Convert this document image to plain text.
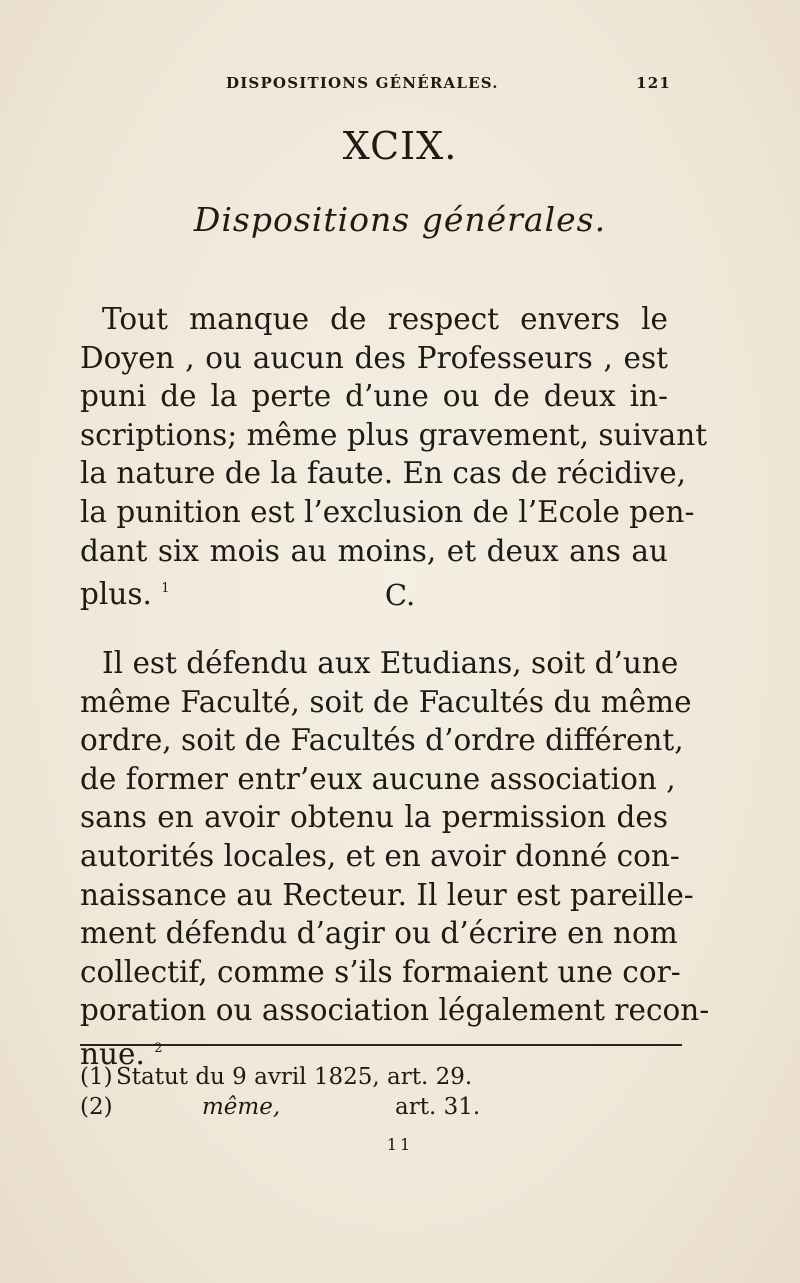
DISPOSITIONS GÉNÉRALES.	121
XCIX.
Dispositions générales.
Tout manque de respect envers le
Doyen , ou aucun des Professeurs , est
puni de la perte d’une ou de deux in-
scriptions; même plus gravement, suivant
la nature de la faute. En cas de récidive,
la punition est l’exclusion de l’Ecole pen-
dant six mois au moins, et deux ans au
plus. $^1$	C.
Il est défendu aux Etudians, soit d’une
même Faculté, soit de Facultés du même
ordre, soit de Facultés d’ordre différent,
de former entr’eux aucune association ,
sans en avoir obtenu la permission des
autorités locales, et en avoir donné con-
naissance au Recteur. Il leur est pareille-
ment défendu d’agir ou d’écrire en nom
collectif, comme s’ils formaient une cor-
poration ou association légalement recon-
nue. $^2$
(1) Statut du 9 avril 1825, art. 29.
(2)	même,	art. 31.
11
